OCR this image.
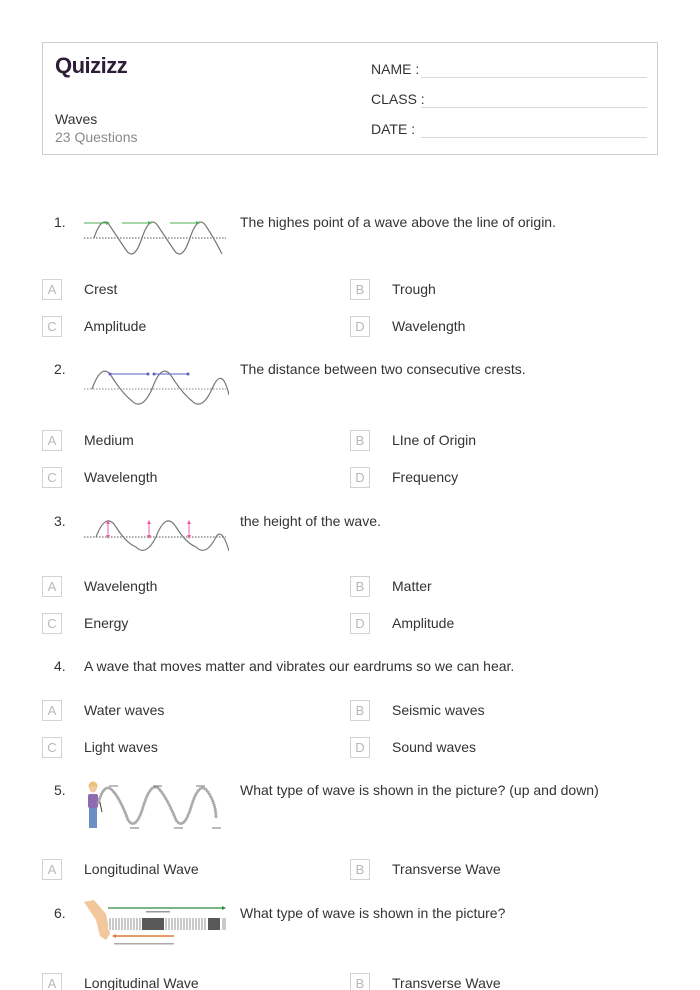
Quizizz
Waves
23 Questions
NAME :
CLASS :
DATE :
1.	The highes point of a wave above the line of origin.
A	Crest	B	Trough
C	Amplitude	D	Wavelength
2.	The distance between two consecutive crests.
A	Medium	B	LIne of Origin
C	Wavelength	D	Frequency
3.	the height of the wave.
A	Wavelength	B	Matter
C	Energy	D	Amplitude
4. A wave that moves matter and vibrates our eardrums so we can hear.
A	Water waves	B	Seismic waves
C	Light waves	D	Sound waves
5.	What type of wave is shown in the picture? (up and down)
A	Longitudinal Wave	B	Transverse Wave
6.	What type of wave is shown in the picture?
A	Longitudinal Wave	B	Transverse Wave
